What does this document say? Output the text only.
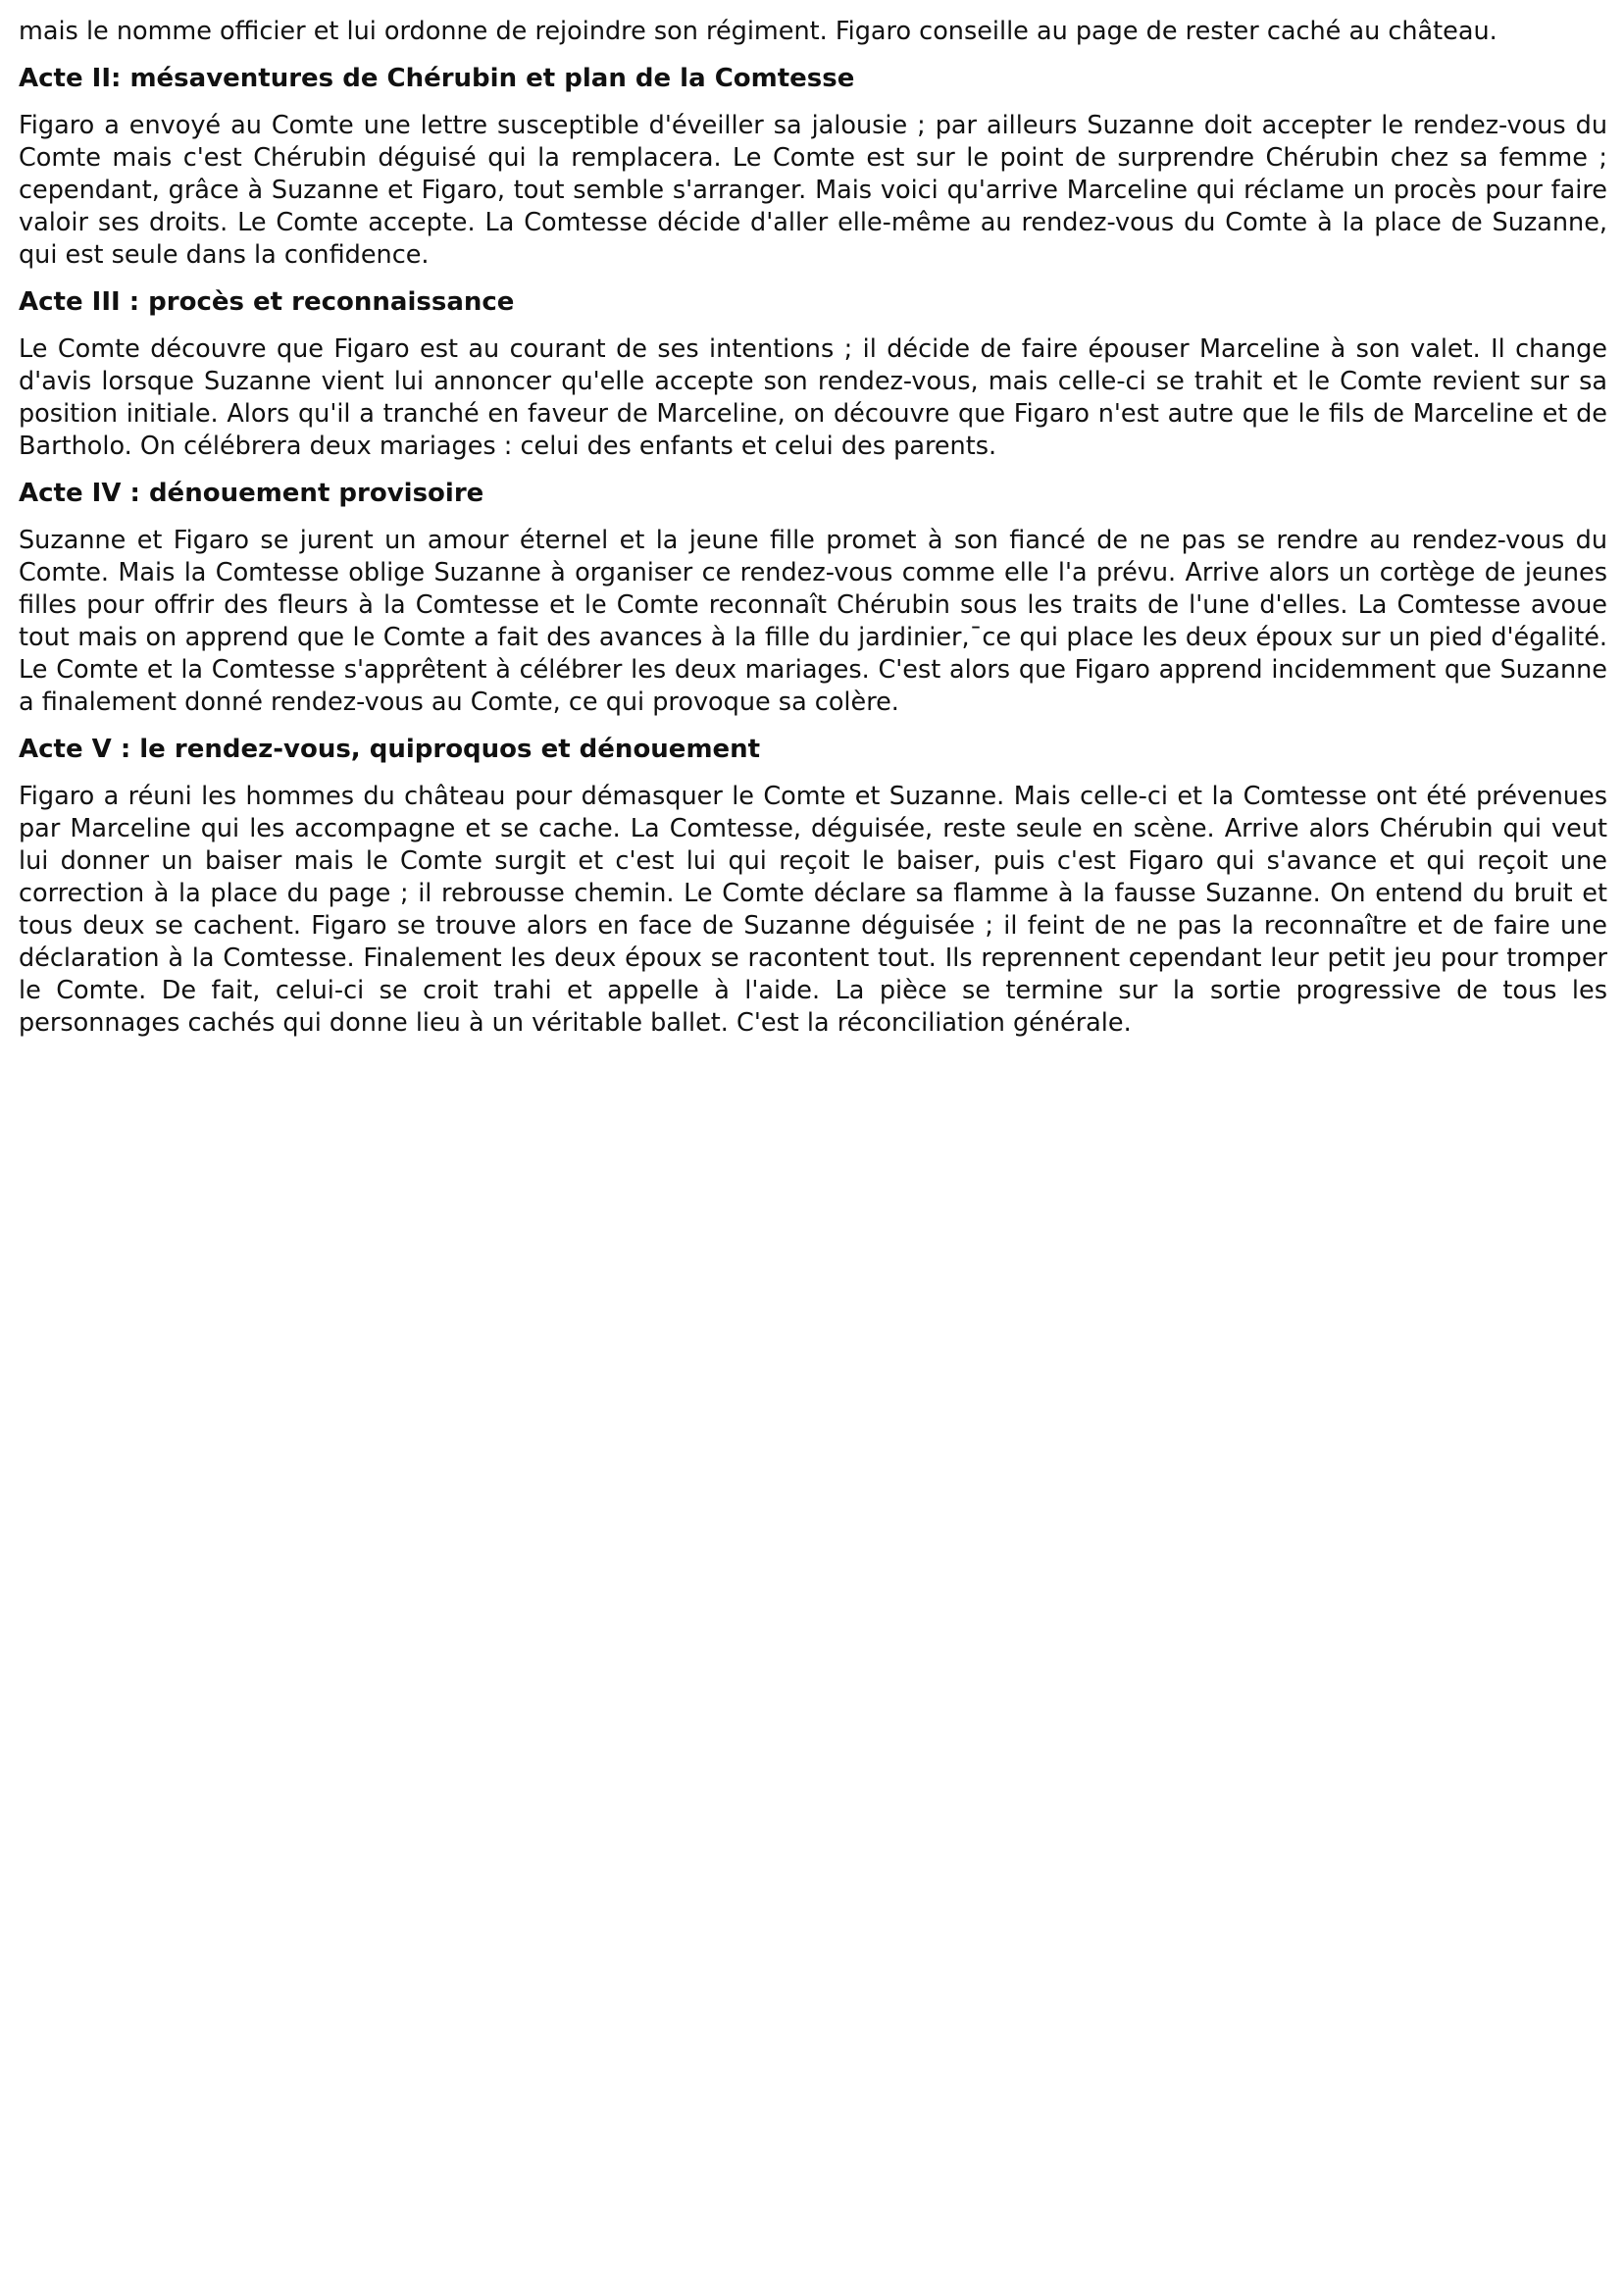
mais le nomme officier et lui ordonne de rejoindre son régiment. Figaro conseille au page de rester caché au château.

Acte II: mésaventures de Chérubin et plan de la Comtesse

Figaro a envoyé au Comte une lettre susceptible d'éveiller sa jalousie ; par ailleurs Suzanne doit accepter le rendez-vous du Comte mais c'est Chérubin déguisé qui la remplacera. Le Comte est sur le point de surprendre Chérubin chez sa femme ; cependant, grâce à Suzanne et Figaro, tout semble s'arranger. Mais voici qu'arrive Marceline qui réclame un procès pour faire valoir ses droits. Le Comte accepte. La Comtesse décide d'aller elle-même au rendez-vous du Comte à la place de Suzanne, qui est seule dans la confidence.

Acte III : procès et reconnaissance

Le Comte découvre que Figaro est au courant de ses intentions ; il décide de faire épouser Marceline à son valet. Il change d'avis lorsque Suzanne vient lui annoncer qu'elle accepte son rendez-vous, mais celle-ci se trahit et le Comte revient sur sa position initiale. Alors qu'il a tranché en faveur de Marceline, on découvre que Figaro n'est autre que le fils de Marceline et de Bartholo. On célébrera deux mariages : celui des enfants et celui des parents.

Acte IV : dénouement provisoire

Suzanne et Figaro se jurent un amour éternel et la jeune fille promet à son fiancé de ne pas se rendre au rendez-vous du Comte. Mais la Comtesse oblige Suzanne à organiser ce rendez-vous comme elle l'a prévu. Arrive alors un cortège de jeunes filles pour offrir des fleurs à la Comtesse et le Comte reconnaît Chérubin sous les traits de l'une d'elles. La Comtesse avoue tout mais on apprend que le Comte a fait des avances à la fille du jardinier,¯ce qui place les deux époux sur un pied d'égalité. Le Comte et la Comtesse s'apprêtent à célébrer les deux mariages. C'est alors que Figaro apprend incidemment que Suzanne a finalement donné rendez-vous au Comte, ce qui provoque sa colère.

Acte V : le rendez-vous, quiproquos et dénouement

Figaro a réuni les hommes du château pour démasquer le Comte et Suzanne. Mais celle-ci et la Comtesse ont été prévenues par Marceline qui les accompagne et se cache. La Comtesse, déguisée, reste seule en scène. Arrive alors Chérubin qui veut lui donner un baiser mais le Comte surgit et c'est lui qui reçoit le baiser, puis c'est Figaro qui s'avance et qui reçoit une correction à la place du page ; il rebrousse chemin. Le Comte déclare sa flamme à la fausse Suzanne. On entend du bruit et tous deux se cachent. Figaro se trouve alors en face de Suzanne déguisée ; il feint de ne pas la reconnaître et de faire une déclaration à la Comtesse. Finalement les deux époux se racontent tout. Ils reprennent cependant leur petit jeu pour tromper le Comte. De fait, celui-ci se croit trahi et appelle à l'aide. La pièce se termine sur la sortie progressive de tous les personnages cachés qui donne lieu à un véritable ballet. C'est la réconciliation générale.
